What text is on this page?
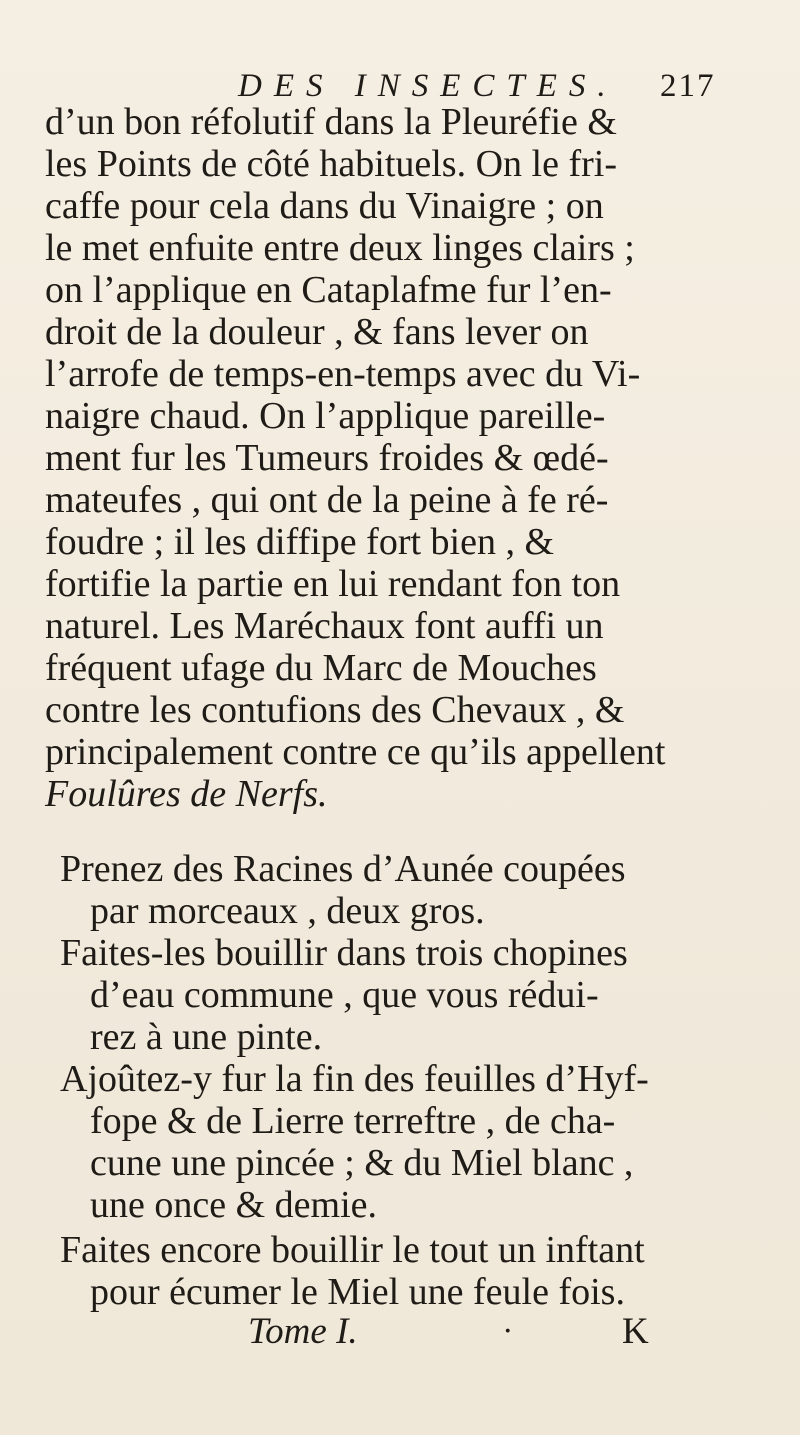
DES INSECTES. 217
d’un bon réfolutif dans la Pleuréfie &
les Points de côté habituels. On le fri-
caffe pour cela dans du Vinaigre ; on
le met enfuite entre deux linges clairs ;
on l’applique en Cataplafme fur l’en-
droit de la douleur , & fans lever on
l’arrofe de temps-en-temps avec du Vi-
naigre chaud. On l’applique pareille-
ment fur les Tumeurs froides & œdé-
mateufes , qui ont de la peine à fe ré-
foudre ; il les diffipe fort bien , &
fortifie la partie en lui rendant fon ton
naturel. Les Maréchaux font auffi un
fréquent ufage du Marc de Mouches
contre les contufions des Chevaux , &
principalement contre ce qu’ils appellent
Foulûres de Nerfs.
Prenez des Racines d’Aunée coupées
par morceaux , deux gros.
Faites-les bouillir dans trois chopines
d’eau commune , que vous rédui-
rez à une pinte.
Ajoûtez-y fur la fin des feuilles d’Hyf-
fope & de Lierre terreftre , de cha-
cune une pincée ; & du Miel blanc ,
une once & demie.
Tome I.	·	K
Faites encore bouillir le tout un inftant
pour écumer le Miel une feule fois.
